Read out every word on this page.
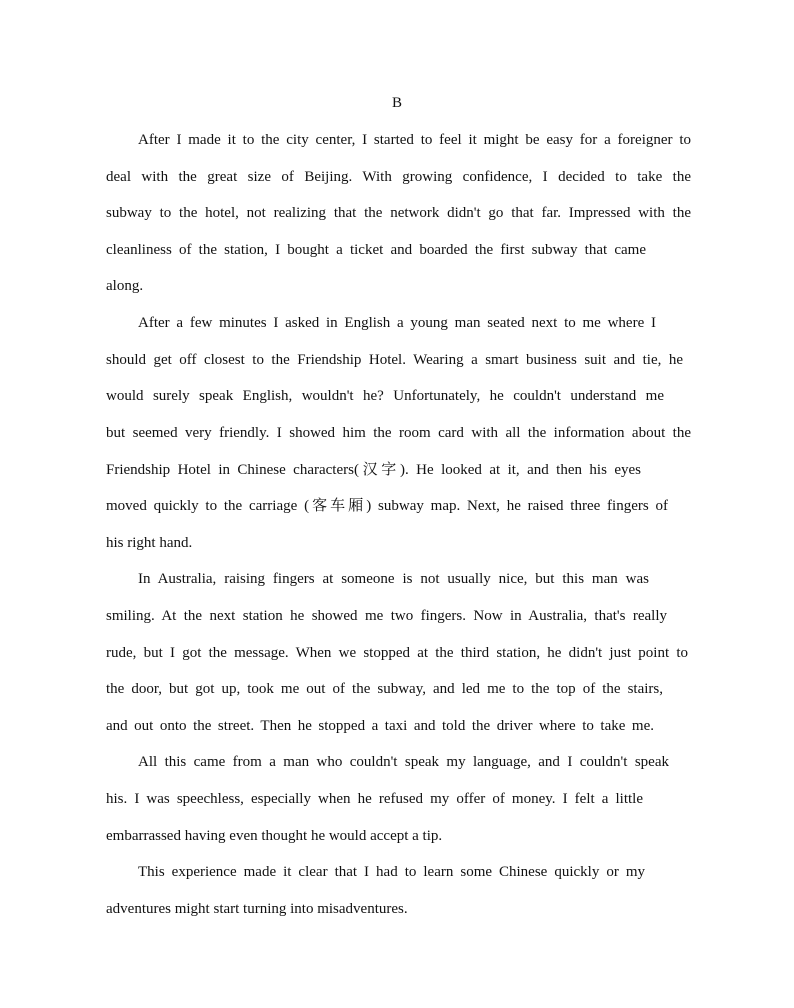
B
After I made it to the city center, I started to feel it might be easy for a foreigner to
deal with the great size of Beijing. With growing confidence, I decided to take the
subway to the hotel, not realizing that the network didn't go that far. Impressed with the
cleanliness of the station, I bought a ticket and boarded the first subway that came
along.
After a few minutes I asked in English a young man seated next to me where I
should get off closest to the Friendship Hotel. Wearing a smart business suit and tie, he
would surely speak English, wouldn't he? Unfortunately, he couldn't understand me
but seemed very friendly. I showed him the room card with all the information about the
Friendship Hotel in Chinese characters(汉字). He looked at it, and then his eyes
moved quickly to the carriage (客车厢) subway map. Next, he raised three fingers of
his right hand.
In Australia, raising fingers at someone is not usually nice, but this man was
smiling. At the next station he showed me two fingers. Now in Australia, that's really
rude, but I got the message. When we stopped at the third station, he didn't just point to
the door, but got up, took me out of the subway, and led me to the top of the stairs,
and out onto the street. Then he stopped a taxi and told the driver where to take me.
All this came from a man who couldn't speak my language, and I couldn't speak
his. I was speechless, especially when he refused my offer of money. I felt a little
embarrassed having even thought he would accept a tip.
This experience made it clear that I had to learn some Chinese quickly or my
adventures might start turning into misadventures.
